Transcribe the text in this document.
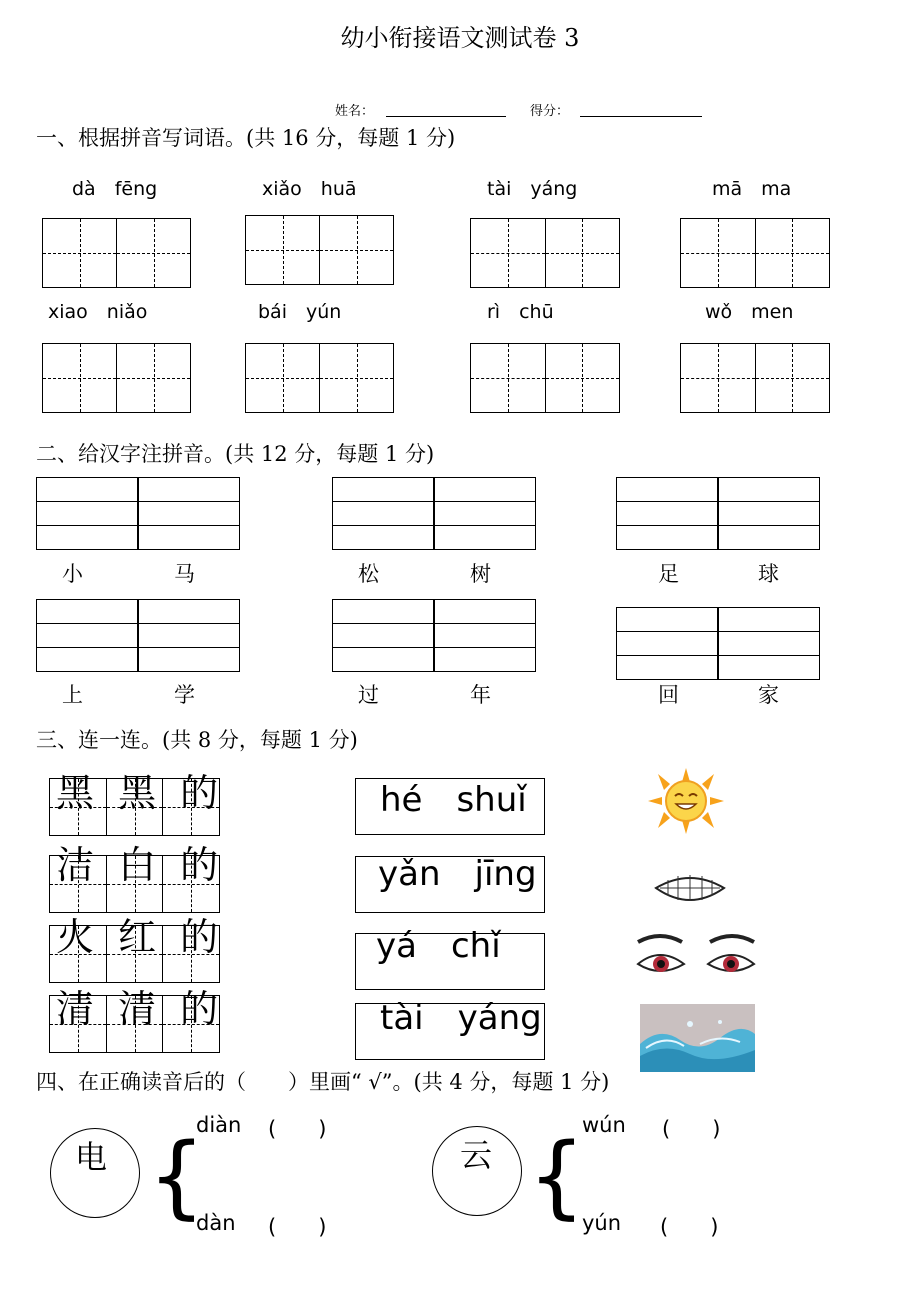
幼小衔接语文测试卷 3
姓名：	得分：
一、根据拼音写词语。(共 16 分，每题 1 分)
dà　fēng	xiǎo　huā	tài　yáng	mā　ma
xiao　niǎo	bái　yún	rì　chū	wǒ　men
二、给汉字注拼音。(共 12 分，每题 1 分)
小	马	松	树	足	球
上	学	过	年	回	家
三、连一连。(共 8 分，每题 1 分)
黑 黑 的
洁 白 的
火 红 的
清 清 的
hé　shuǐ
yǎn　jīng
yá　chǐ
tài　yáng
四、在正确读音后的（　　）里画“ √”。(共 4 分，每题 1 分)
电 {
diàn (　　)
dàn (　　)
云 {
wún (　　)
yún (　　)
